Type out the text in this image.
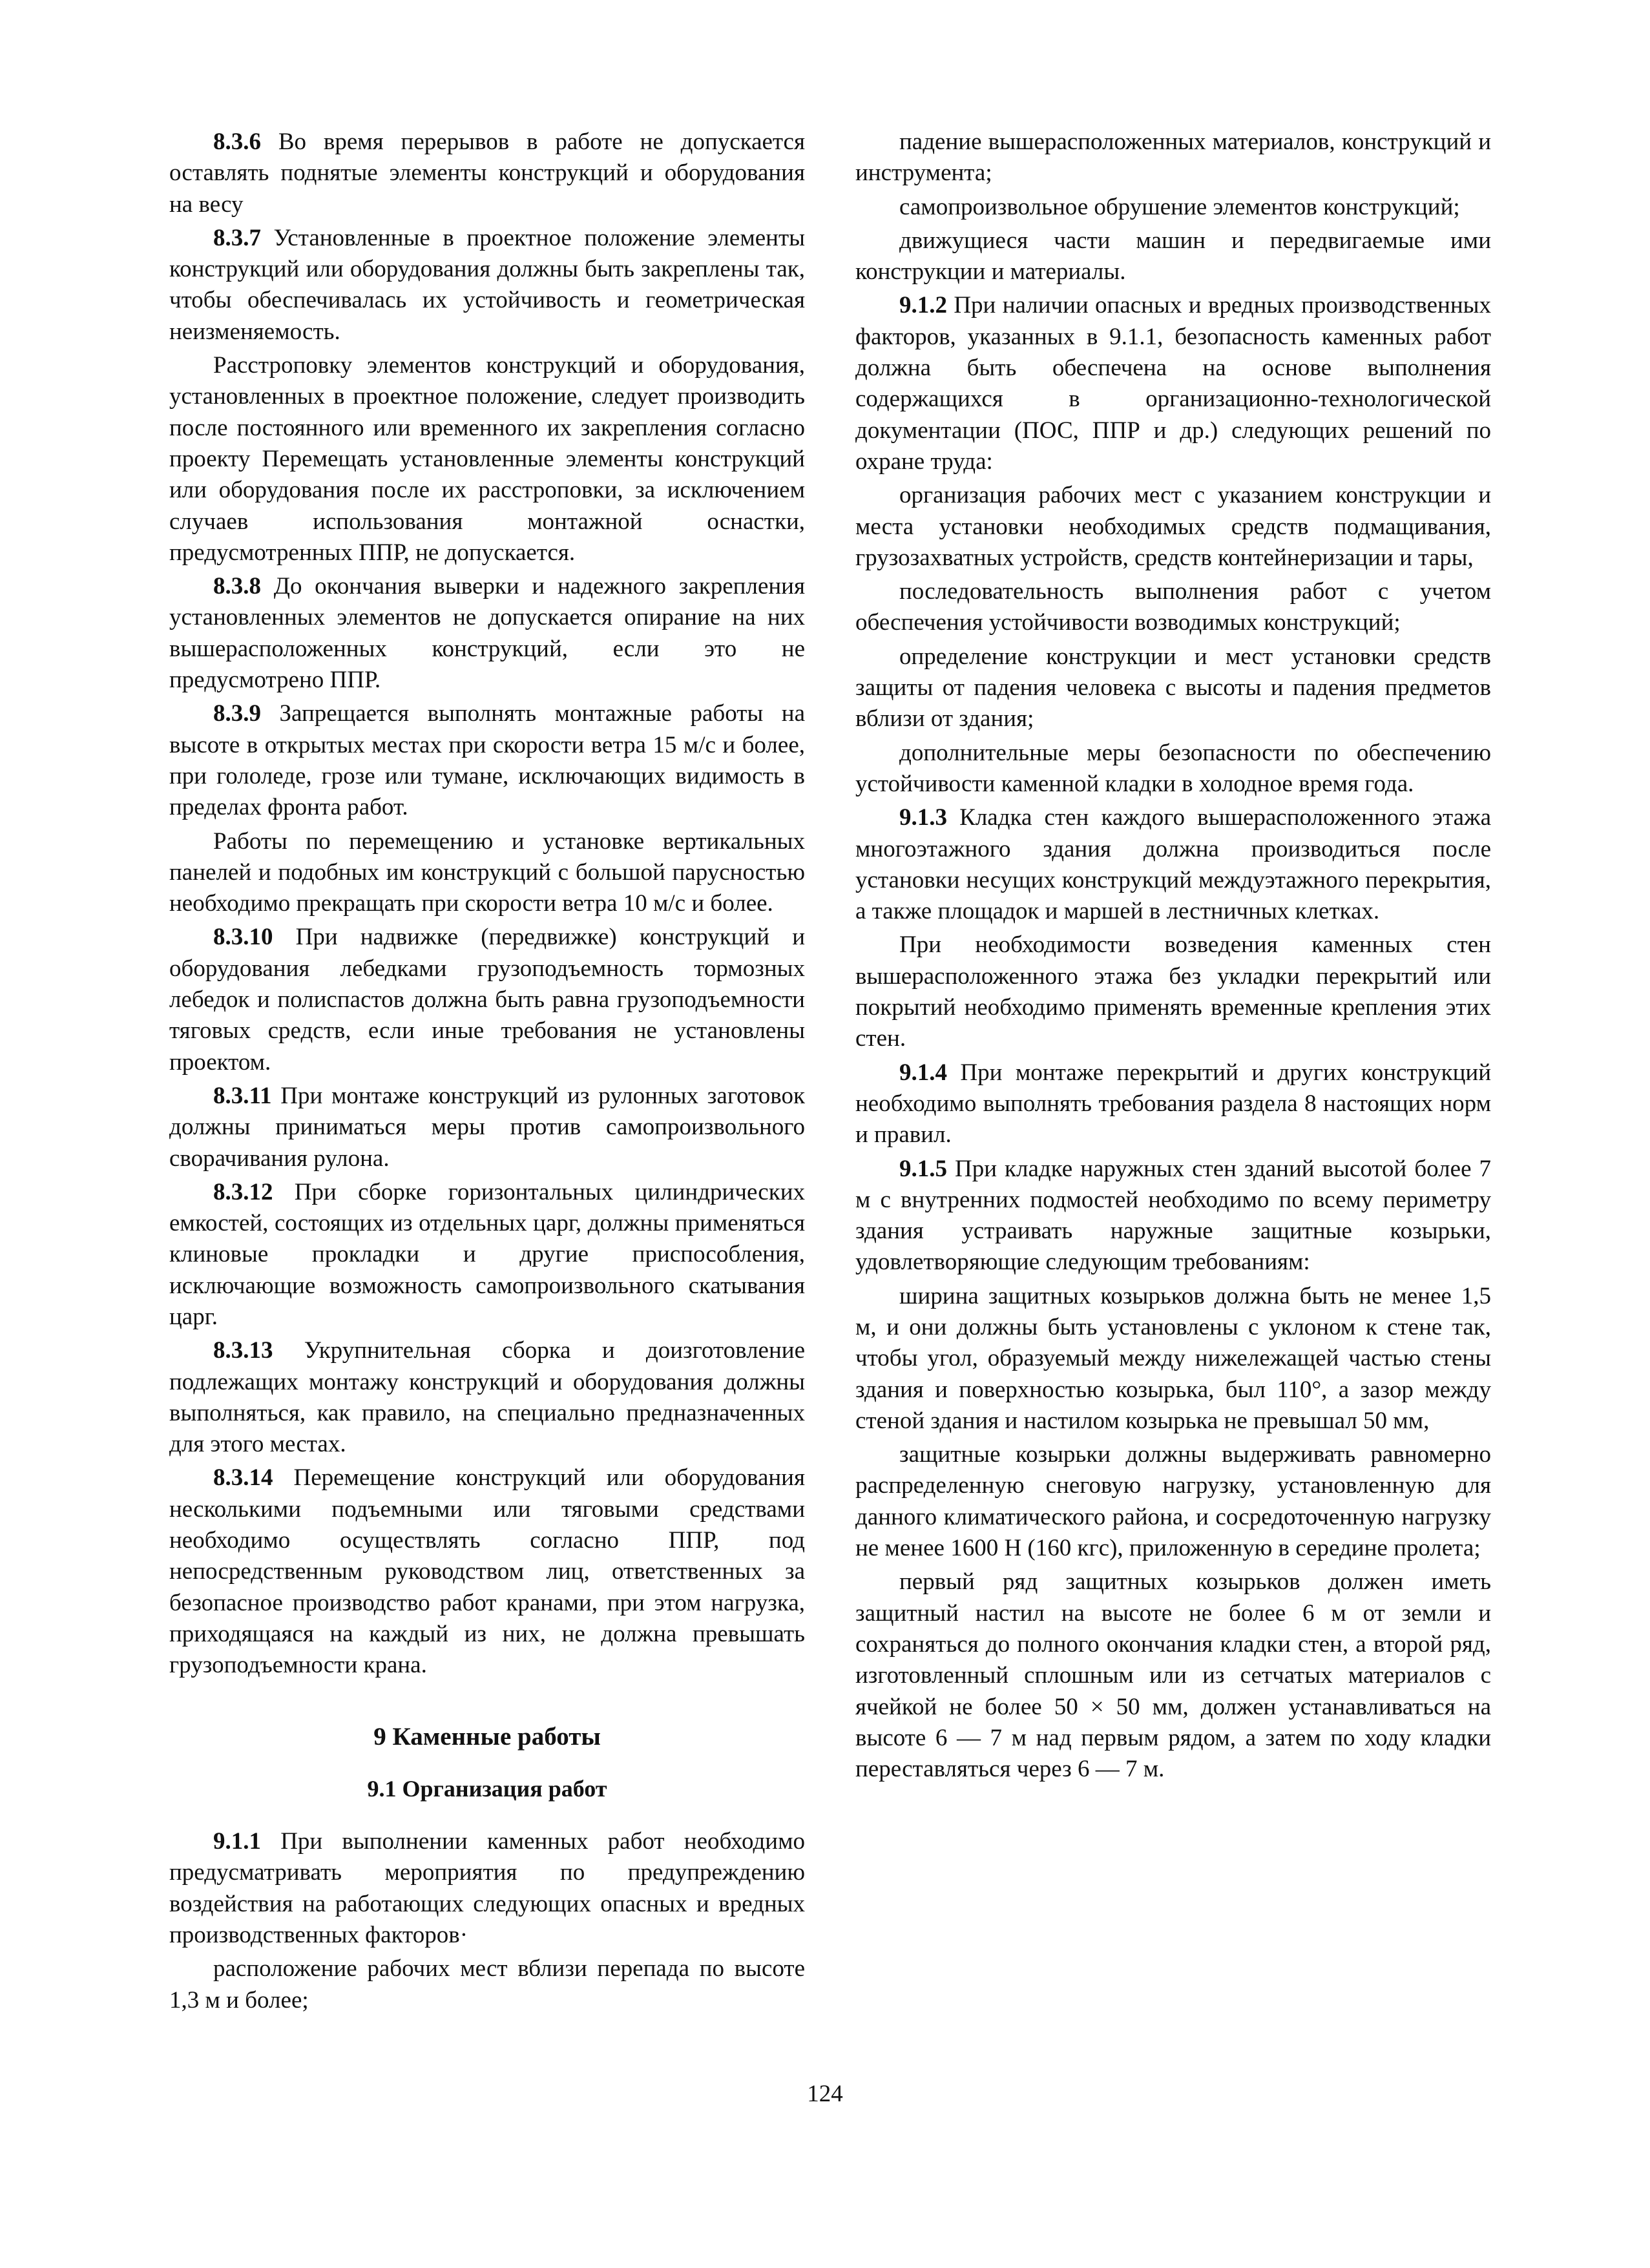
8.3.6 Во время перерывов в работе не допускается оставлять поднятые элементы конструкций и оборудования на весу

8.3.7 Установленные в проектное положение элементы конструкций или оборудования должны быть закреплены так, чтобы обеспечивалась их устойчивость и геометрическая неизменяемость.

Расстроповку элементов конструкций и оборудования, установленных в проектное положение, следует производить после постоянного или временного их закрепления согласно проекту Перемещать установленные элементы конструкций или оборудования после их расстроповки, за исключением случаев использования монтажной оснастки, предусмотренных ППР, не допускается.

8.3.8 До окончания выверки и надежного закрепления установленных элементов не допускается опирание на них вышерасположенных конструкций, если это не предусмотрено ППР.

8.3.9 Запрещается выполнять монтажные работы на высоте в открытых местах при скорости ветра 15 м/с и более, при гололеде, грозе или тумане, исключающих видимость в пределах фронта работ.

Работы по перемещению и установке вертикальных панелей и подобных им конструкций с большой парусностью необходимо прекращать при скорости ветра 10 м/с и более.

8.3.10 При надвижке (передвижке) конструкций и оборудования лебедками грузоподъемность тормозных лебедок и полиспастов должна быть равна грузоподъемности тяговых средств, если иные требования не установлены проектом.

8.3.11 При монтаже конструкций из рулонных заготовок должны приниматься меры против самопроизвольного сворачивания рулона.

8.3.12 При сборке горизонтальных цилиндрических емкостей, состоящих из отдельных царг, должны применяться клиновые прокладки и другие приспособления, исключающие возможность самопроизвольного скатывания царг.

8.3.13 Укрупнительная сборка и доизготовление подлежащих монтажу конструкций и оборудования должны выполняться, как правило, на специально предназначенных для этого местах.

8.3.14 Перемещение конструкций или оборудования несколькими подъемными или тяговыми средствами необходимо осуществлять согласно ППР, под непосредственным руководством лиц, ответственных за безопасное производство работ кранами, при этом нагрузка, приходящаяся на каждый из них, не должна превышать грузоподъемности крана.

9 Каменные работы

9.1 Организация работ

9.1.1 При выполнении каменных работ необходимо предусматривать мероприятия по предупреждению воздействия на работающих следующих опасных и вредных производственных факторов·

расположение рабочих мест вблизи перепада по высоте 1,3 м и более;

падение вышерасположенных материалов, конструкций и инструмента;

самопроизвольное обрушение элементов конструкций;

движущиеся части машин и передвигаемые ими конструкции и материалы.

9.1.2 При наличии опасных и вредных производственных факторов, указанных в 9.1.1, безопасность каменных работ должна быть обеспечена на основе выполнения содержащихся в организационно-технологической документации (ПОС, ППР и др.) следующих решений по охране труда:

организация рабочих мест с указанием конструкции и места установки необходимых средств подмащивания, грузозахватных устройств, средств контейнеризации и тары,

последовательность выполнения работ с учетом обеспечения устойчивости возводимых конструкций;

определение конструкции и мест установки средств защиты от падения человека с высоты и падения предметов вблизи от здания;

дополнительные меры безопасности по обеспечению устойчивости каменной кладки в холодное время года.

9.1.3 Кладка стен каждого вышерасположенного этажа многоэтажного здания должна производиться после установки несущих конструкций междуэтажного перекрытия, а также площадок и маршей в лестничных клетках.

При необходимости возведения каменных стен вышерасположенного этажа без укладки перекрытий или покрытий необходимо применять временные крепления этих стен.

9.1.4 При монтаже перекрытий и других конструкций необходимо выполнять требования раздела 8 настоящих норм и правил.

9.1.5 При кладке наружных стен зданий высотой более 7 м с внутренних подмостей необходимо по всему периметру здания устраивать наружные защитные козырьки, удовлетворяющие следующим требованиям:

ширина защитных козырьков должна быть не менее 1,5 м, и они должны быть установлены с уклоном к стене так, чтобы угол, образуемый между нижележащей частью стены здания и поверхностью козырька, был 110°, а зазор между стеной здания и настилом козырька не превышал 50 мм,

защитные козырьки должны выдерживать равномерно распределенную снеговую нагрузку, установленную для данного климатического района, и сосредоточенную нагрузку не менее 1600 Н (160 кгс), приложенную в середине пролета;

первый ряд защитных козырьков должен иметь защитный настил на высоте не более 6 м от земли и сохраняться до полного окончания кладки стен, а второй ряд, изготовленный сплошным или из сетчатых материалов с ячейкой не более 50 × 50 мм, должен устанавливаться на высоте 6 — 7 м над первым рядом, а затем по ходу кладки переставляться через 6 — 7 м.

124
